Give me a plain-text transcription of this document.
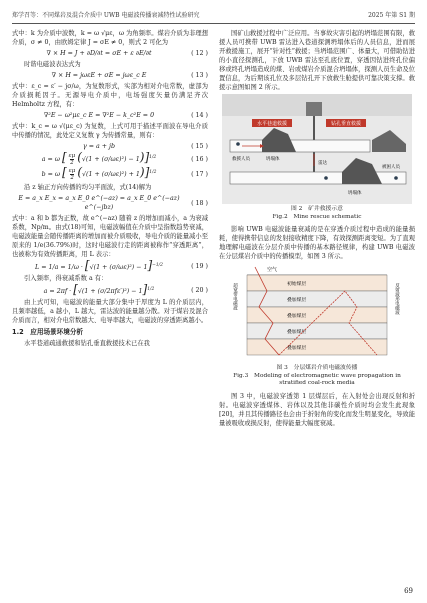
郑学召等：不同煤岩及混合介质中 UWB 电磁波传播衰减特性试验研究	2025 年第 S1 期

式中：k 为介质中波数，k = ω √με，ω 为角频率。煤岩介质为非理想介质，σ ≠ 0，由欧姆定律 J = σE ≠ 0，则式 2 可化为

∇ × H = J + ∂D/∂t = σE + ε ∂E/∂t	( 12 )

时谐电磁波表达式为

∇ × H = jωεE + σE = jωε_c E	( 13 )

式中：ε_c = ε′ − jσ/ω，为复数形式，实部为相对介电常数，虚部为介质损耗因子。无源导电介质中，电场强度矢量仍满足齐次 Helmholtz 方程，有：

∇²E − ω²με_c E = ∇²E − k_c²E = 0	( 14 )

式中：k_c = ω √(με_c) 为复数，上式可用于描述平面波在导电介质中传播的情况，此处定义复数 γ 为传播常量，则有：

γ = a + jb	( 15 )
a = ω [ $\frac{\varepsilon\mu}{2} (√(1 + (\sigma/\omega\varepsilon)^2) - 1)]^{1/2}$	( 16 )
b = ω [ $\frac{\varepsilon\mu}{2} (√(1 + (\sigma/\omega\varepsilon)^2) + 1)]^{1/2}$	( 17 )

沿 z 轴正方向传播的均匀平面波，式(14)解为

E = a_x E_x = a_x E_0 e^(−az) = a_x E_0 e^(−az) e^(−jbz)
( 18 )

式中：a 和 b 都为正数，故 e^(−az) 随着 z 的增加而减小，a 为衰减系数，Np/m。由式(18)可知，电磁波幅值在介质中呈指数趋势衰减，电磁波能量会随传播距离的增加而被介质吸收，导电介质的能量减小至原来的 1/e(36.79%)时，这时电磁波行走的距离被称作“穿透距离”，也被称为有效传播距离，用 L 表示：

$L = 1/a = 1/\omega \cdot [√(1 + (\sigma/\omega\varepsilon)^2) - 1]^{-1/2}$	( 19 )

引入频率，得衰减系数 a 有：

$a = 2\pi f \cdot [√(1 + (\sigma/2\pi f\varepsilon')^2) - 1]^{1/2}$	( 20 )

由上式可知，电磁波的能量大部分集中于厚度为 L 的介质层内，且频率越低，a 越小，L 越大，雷达波的能量越分散。对于煤岩及混合介质而言，相对介电常数越大、电导率越大，电磁波的穿透距离越小。

1.2　应用场景环境分析

水平巷道疏通救援和钻孔垂直救援技术已在我

国矿山救援过程中广泛应用。当事故灾害引起的坍塌范围有限，救援人员可携带 UWB 雷达进入巷道探测坍塌体后的人员信息，进而展开救援施工，展开“针对性”救援；当坍塌范围广、体量大，可借助钻进的小直径探测孔，下放 UWB 雷达至孔底位置，穿透因钻进终孔位偏移或终孔坍塌造成的煤、岩或煤岩介质混合坍塌体，探测人员生命及位置信息，为后期该孔位及多层钻孔开下放救生舱提供可靠决策支撑。救援示意图如图 2 所示。

水平巷道救援	钻孔垂直救援
救援人员	坍塌体
坍塌体
被困人员
雷达
图 2　矿井救援示意
Fig.2　Mine rescue schematic

影响 UWB 电磁波能量衰减的是在穿透介质过程中造成的能量损耗，使得携带信息的发射接收精度下降，有效探测距离变短。为了直观地理解电磁波在分层介质中传播的基本路径规律，构建 UWB 电磁波在分层煤岩介质中的传播模型，如图 3 所示。

空气
初始煤层
叠加煤层
叠加煤层
叠加煤层
叠加煤层
超宽带电磁波	反射波形电磁波
图 3　分层煤岩介质电磁波传播
Fig.3　Modeling of electromagnetic wave propagation in
stratified coal-rock media

图 3 中，电磁波穿透第 1 层煤层后，在入射处会出现反射和折射。电磁波穿透煤体、岩体以及其他非碳性介质时均会发生此现象[20]，并且其传播路径也会由于折射角的变化而发生明显变化，导致能量被吸收或损反射，使得能量大幅度衰减。

69
